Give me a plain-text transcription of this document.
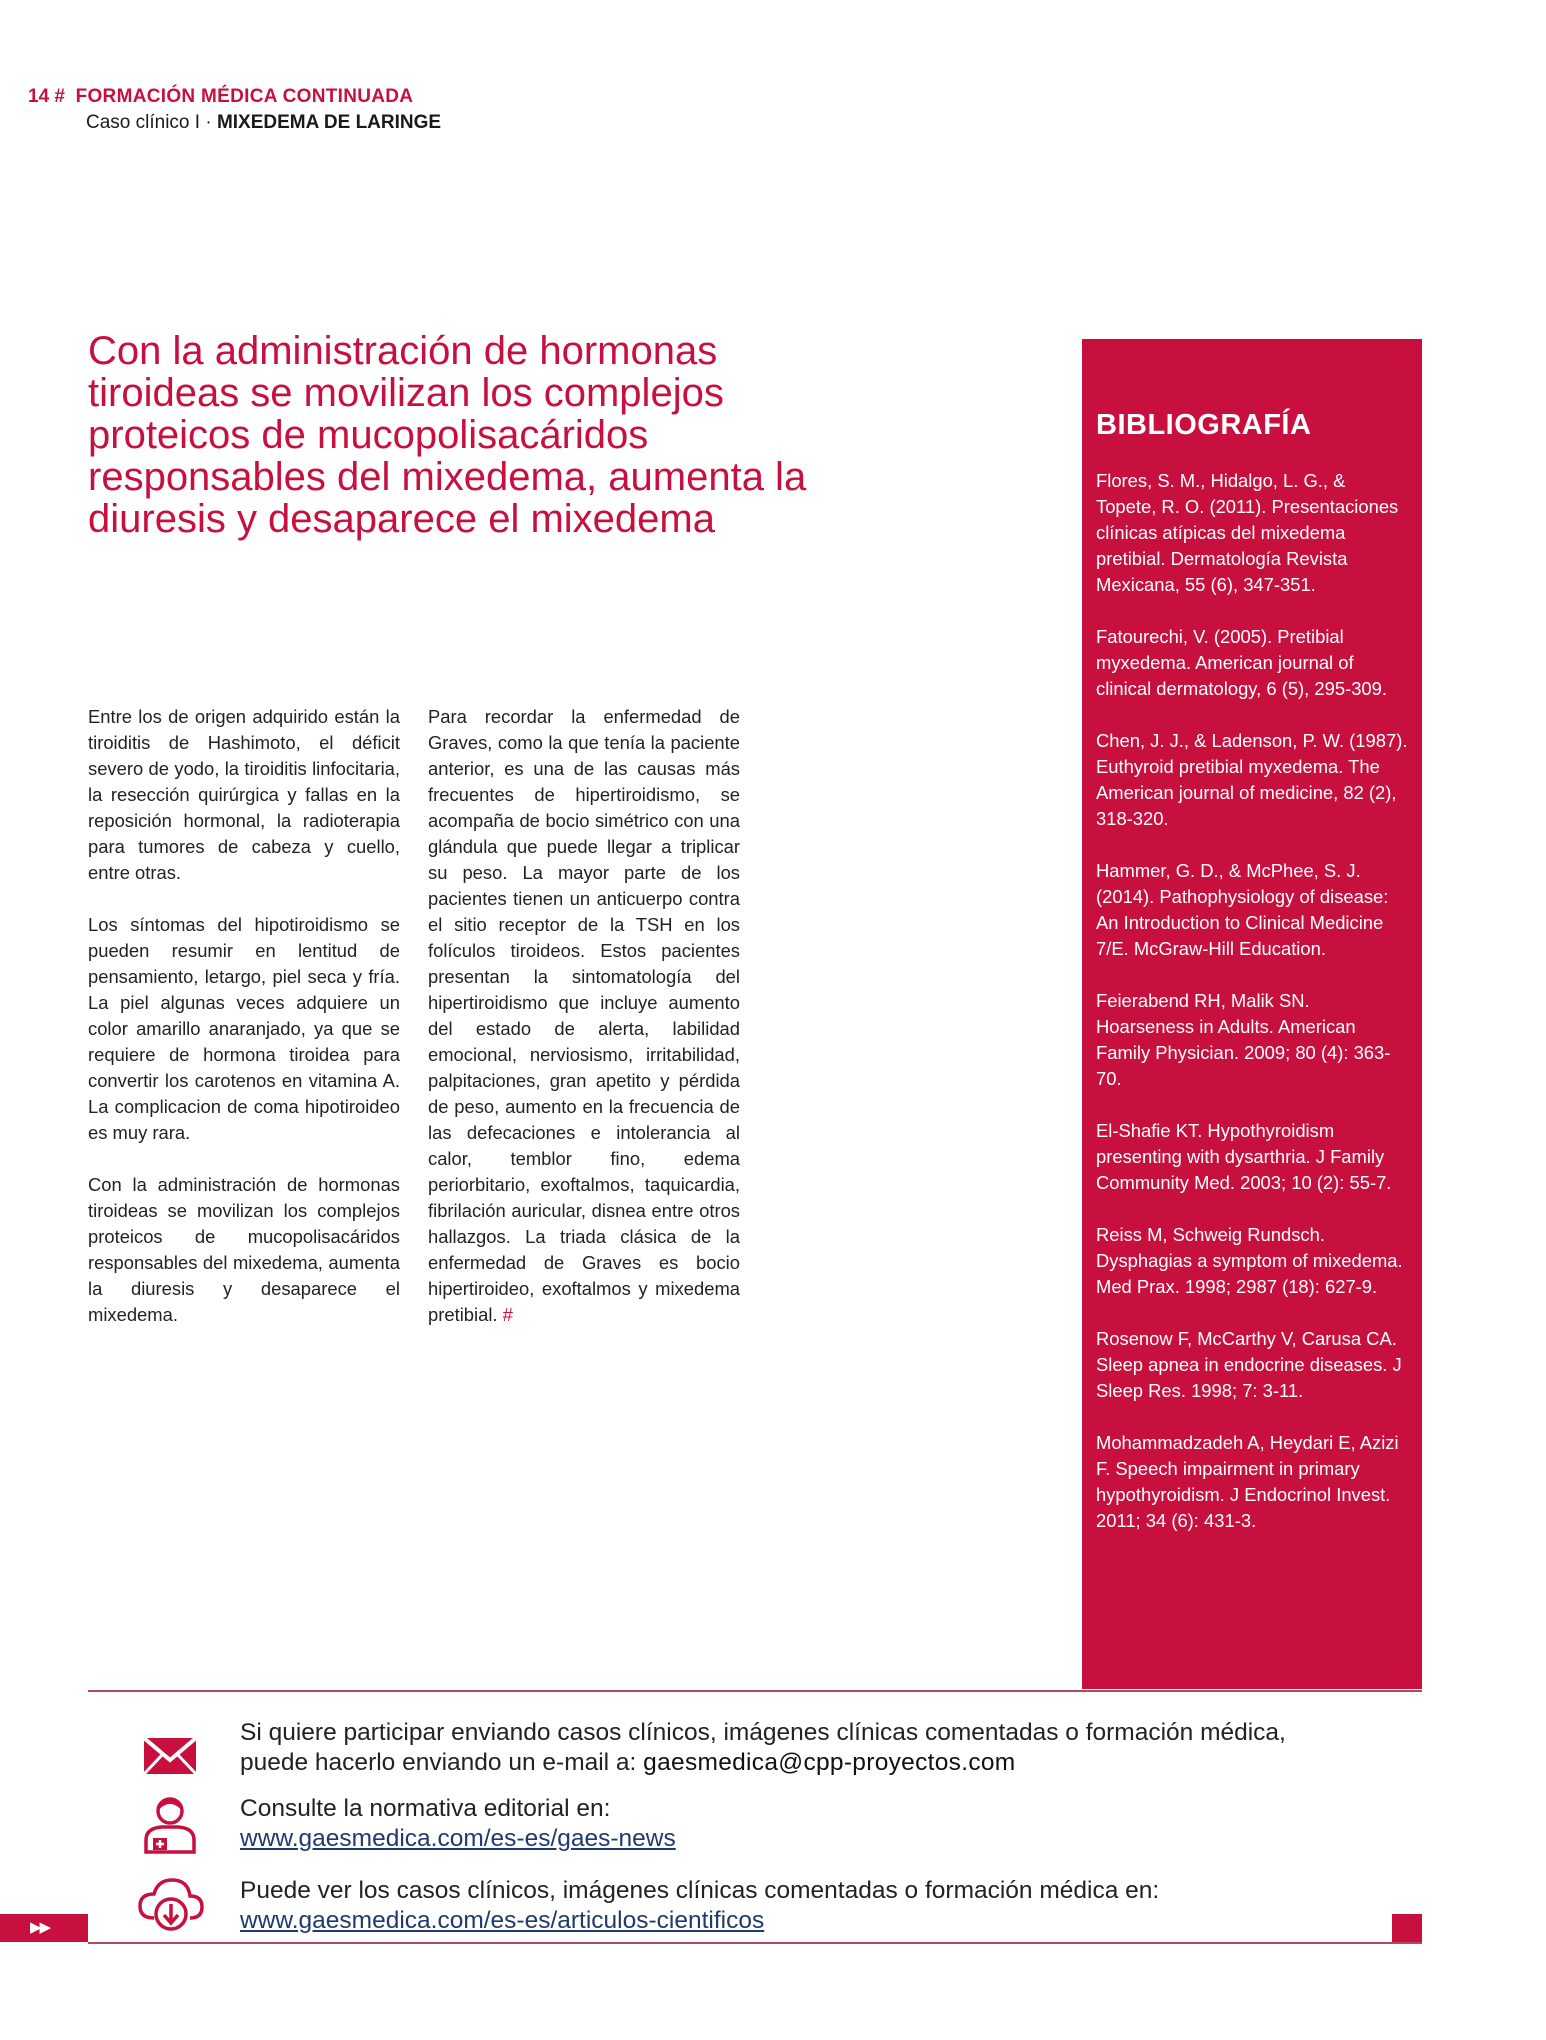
14 # FORMACIÓN MÉDICA CONTINUADA
Caso clínico I · MIXEDEMA DE LARINGE
Con la administración de hormonas tiroideas se movilizan los complejos proteicos de mucopolisacáridos responsables del mixedema, aumenta la diuresis y desaparece el mixedema

Entre los de origen adquirido están la tiroiditis de Hashimoto, el déficit severo de yodo, la tiroiditis linfocitaria, la resección quirúrgica y fallas en la reposición hormonal, la radioterapia para tumores de cabeza y cuello, entre otras.

Los síntomas del hipotiroidismo se pueden resumir en lentitud de pensamiento, letargo, piel seca y fría. La piel algunas veces adquiere un color amarillo anaranjado, ya que se requiere de hormona tiroidea para convertir los carotenos en vitamina A. La complicacion de coma hipotiroideo es muy rara.

Con la administración de hormonas tiroideas se movilizan los complejos proteicos de mucopolisacáridos responsables del mixedema, aumenta la diuresis y desaparece el mixedema.

Para recordar la enfermedad de Graves, como la que tenía la paciente anterior, es una de las causas más frecuentes de hipertiroidismo, se acompaña de bocio simétrico con una glándula que puede llegar a triplicar su peso. La mayor parte de los pacientes tienen un anticuerpo contra el sitio receptor de la TSH en los folículos tiroideos. Estos pacientes presentan la sintomatología del hipertiroidismo que incluye aumento del estado de alerta, labilidad emocional, nerviosismo, irritabilidad, palpitaciones, gran apetito y pérdida de peso, aumento en la frecuencia de las defecaciones e intolerancia al calor, temblor fino, edema periorbitario, exoftalmos, taquicardia, fibrilación auricular, disnea entre otros hallazgos. La triada clásica de la enfermedad de Graves es bocio hipertiroideo, exoftalmos y mixedema pretibial. #

BIBLIOGRAFÍA
Flores, S. M., Hidalgo, L. G., & Topete, R. O. (2011). Presentaciones clínicas atípicas del mixedema pretibial. Dermatología Revista Mexicana, 55 (6), 347-351.
Fatourechi, V. (2005). Pretibial myxedema. American journal of clinical dermatology, 6 (5), 295-309.
Chen, J. J., & Ladenson, P. W. (1987). Euthyroid pretibial myxedema. The American journal of medicine, 82 (2), 318-320.
Hammer, G. D., & McPhee, S. J. (2014). Pathophysiology of disease: An Introduction to Clinical Medicine 7/E. McGraw-Hill Education.
Feierabend RH, Malik SN. Hoarseness in Adults. American Family Physician. 2009; 80 (4): 363-70.
El-Shafie KT. Hypothyroidism presenting with dysarthria. J Family Community Med. 2003; 10 (2): 55-7.
Reiss M, Schweig Rundsch. Dysphagias a symptom of mixedema. Med Prax. 1998; 2987 (18): 627-9.
Rosenow F, McCarthy V, Carusa CA. Sleep apnea in endocrine diseases. J Sleep Res. 1998; 7: 3-11.
Mohammadzadeh A, Heydari E, Azizi F. Speech impairment in primary hypothyroidism. J Endocrinol Invest. 2011; 34 (6): 431-3.
Si quiere participar enviando casos clínicos, imágenes clínicas comentadas o formación médica,
puede hacerlo enviando un e-mail a: gaesmedica@cpp-proyectos.com
Consulte la normativa editorial en:
www.gaesmedica.com/es-es/gaes-news
Puede ver los casos clínicos, imágenes clínicas comentadas o formación médica en:
www.gaesmedica.com/es-es/articulos-cientificos
▶▶
